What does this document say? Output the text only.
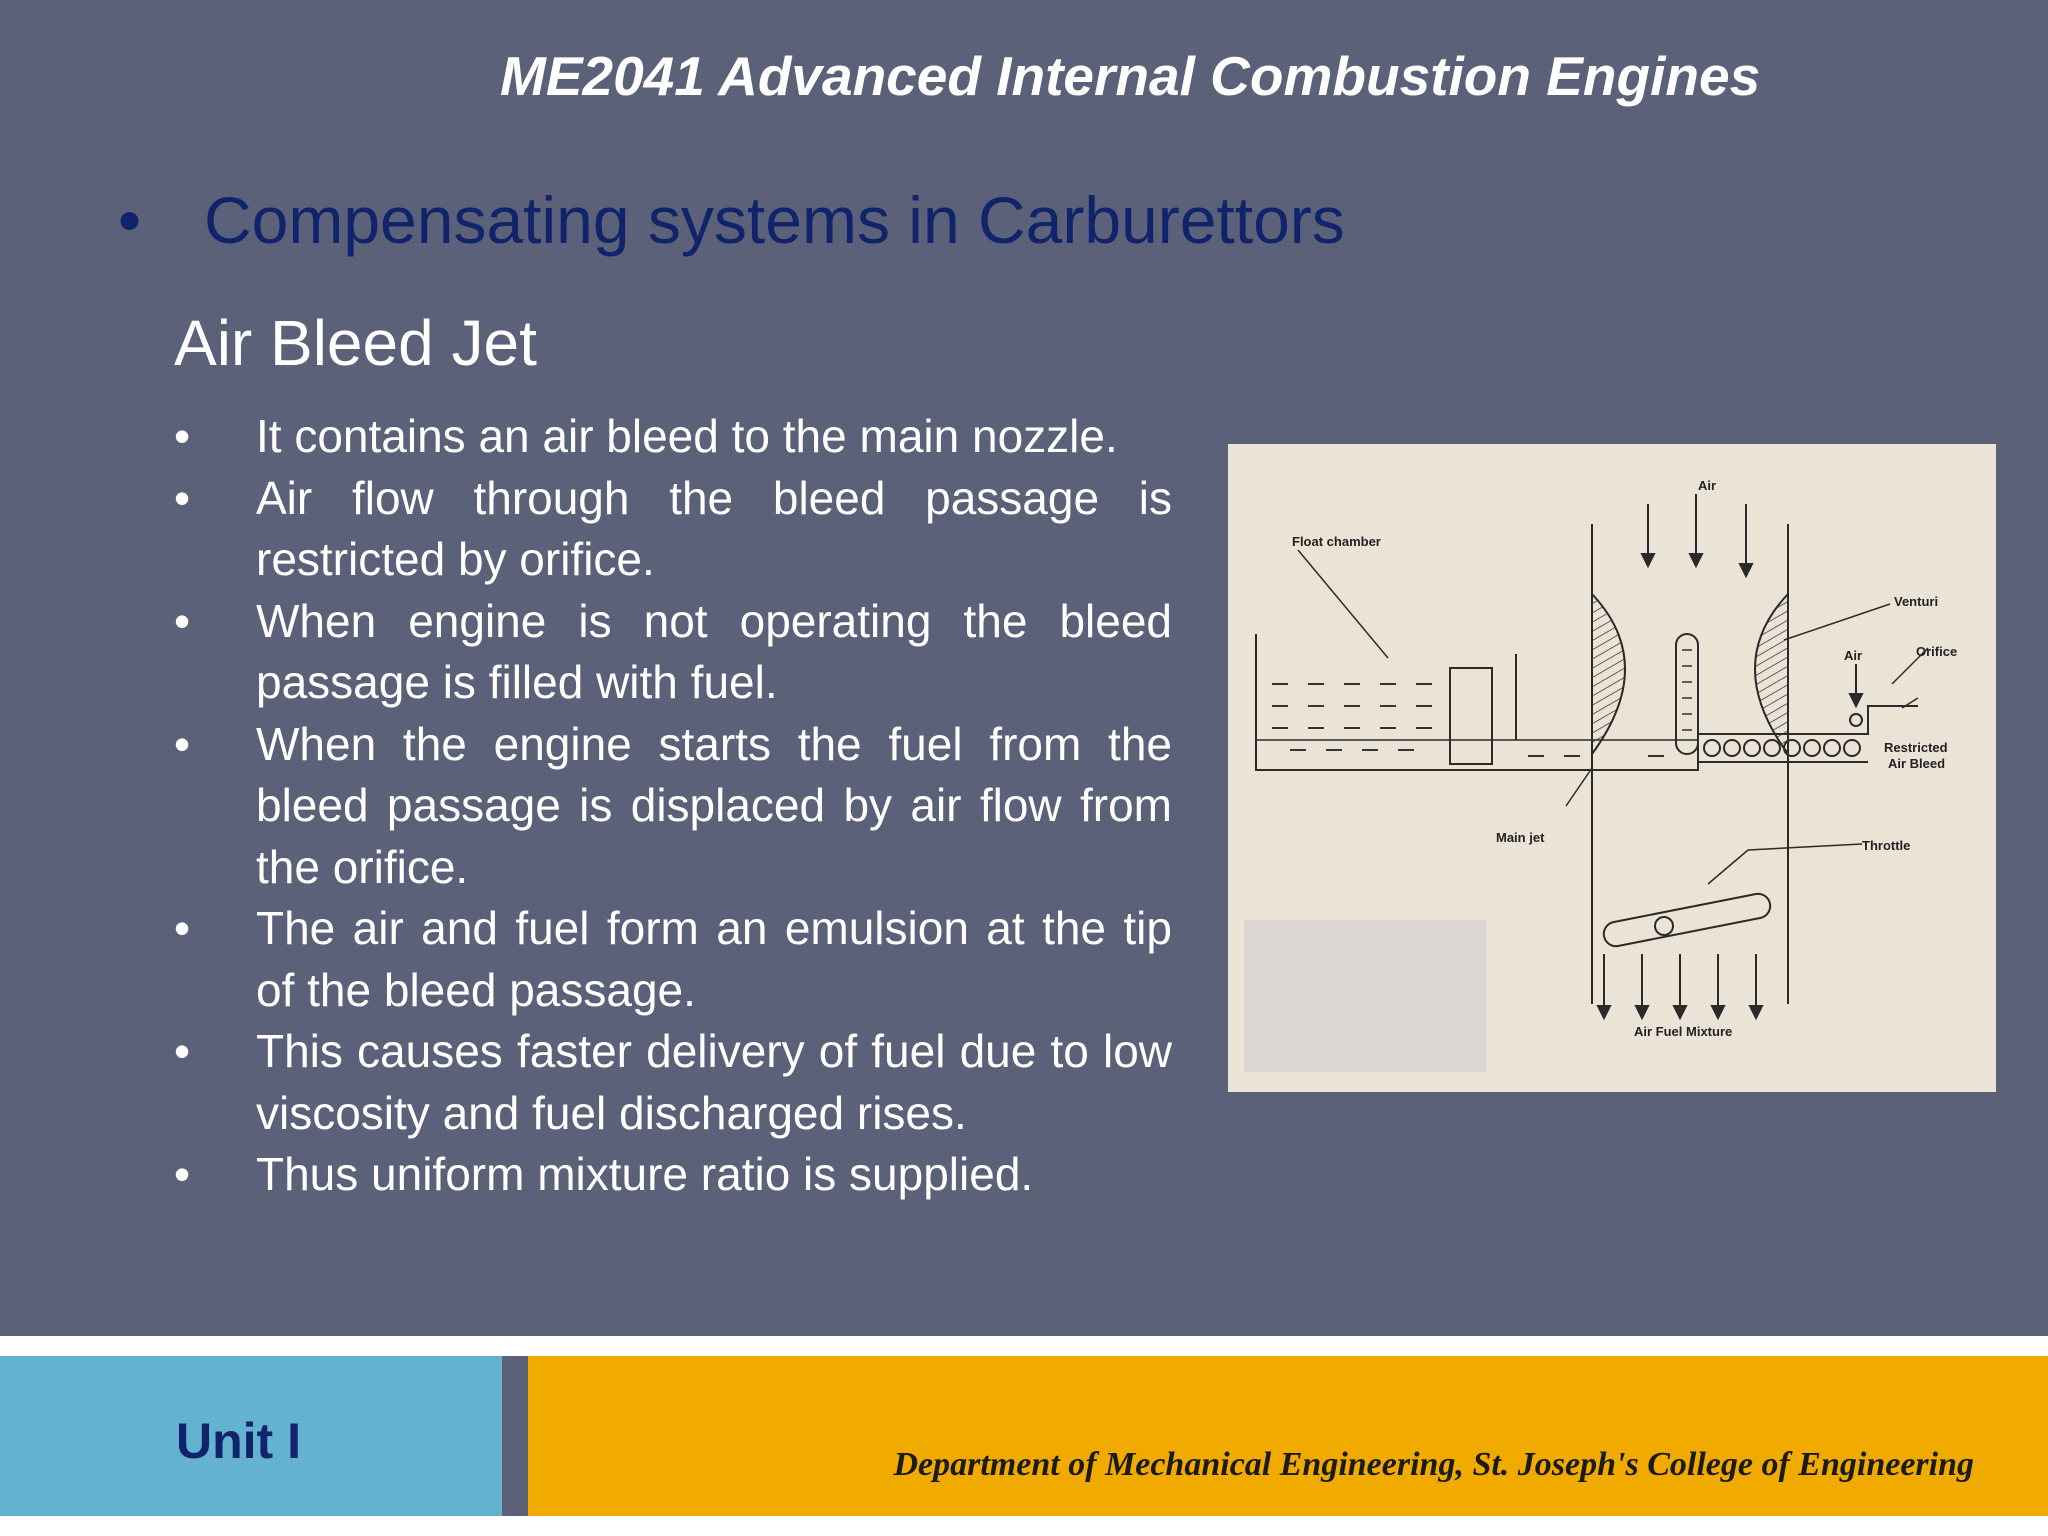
ME2041 Advanced Internal Combustion Engines
• Compensating systems in Carburettors
Air Bleed Jet
• It contains an air bleed to the main nozzle.
• Air flow through the bleed passage is restricted by orifice.
• When engine is not operating the bleed passage is filled with fuel.
• When the engine starts the fuel from the bleed passage is displaced by air flow from the orifice.
• The air and fuel form an emulsion at the tip of the bleed passage.
• This causes faster delivery of fuel due to low viscosity and fuel discharged rises.
• Thus uniform mixture ratio is supplied.
Air
Float chamber
Venturi
Air	Orifice
Restricted
Air Bleed
Main jet
Throttle
Air Fuel Mixture
Unit I	Department of Mechanical Engineering, St. Joseph's College of Engineering
